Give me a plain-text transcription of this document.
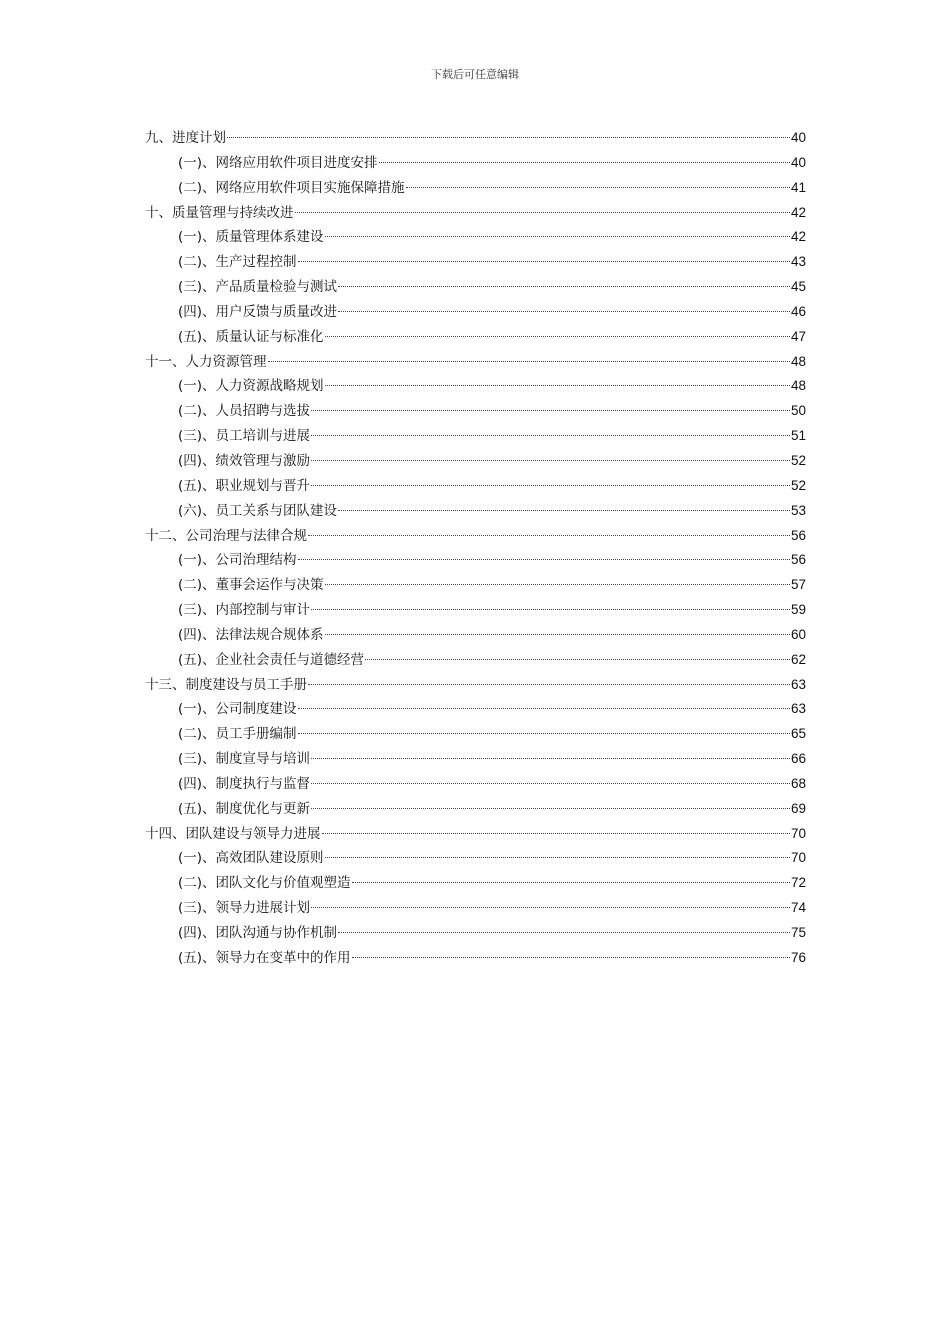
下载后可任意编辑
九、进度计划	40
(一)、网络应用软件项目进度安排	40
(二)、网络应用软件项目实施保障措施	41
十、质量管理与持续改进	42
(一)、质量管理体系建设	42
(二)、生产过程控制	43
(三)、产品质量检验与测试	45
(四)、用户反馈与质量改进	46
(五)、质量认证与标准化	47
十一、人力资源管理	48
(一)、人力资源战略规划	48
(二)、人员招聘与选拔	50
(三)、员工培训与进展	51
(四)、绩效管理与激励	52
(五)、职业规划与晋升	52
(六)、员工关系与团队建设	53
十二、公司治理与法律合规	56
(一)、公司治理结构	56
(二)、董事会运作与决策	57
(三)、内部控制与审计	59
(四)、法律法规合规体系	60
(五)、企业社会责任与道德经营	62
十三、制度建设与员工手册	63
(一)、公司制度建设	63
(二)、员工手册编制	65
(三)、制度宣导与培训	66
(四)、制度执行与监督	68
(五)、制度优化与更新	69
十四、团队建设与领导力进展	70
(一)、高效团队建设原则	70
(二)、团队文化与价值观塑造	72
(三)、领导力进展计划	74
(四)、团队沟通与协作机制	75
(五)、领导力在变革中的作用	76
